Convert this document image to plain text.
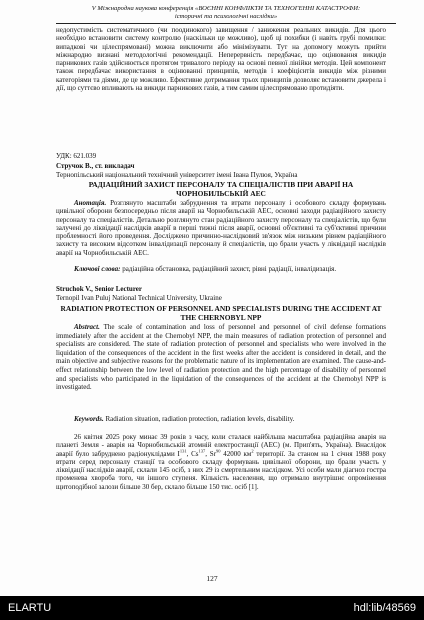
V Міжнародна наукова конференція «ВОЄННІ КОНФЛІКТИ ТА ТЕХНОГЕННІ КАТАСТРОФИ:
історичні та психологічні наслідки»
недопустимість систематичного (чи поодинокого) завищення / заниження реальних викидів. Для цього необхідно встановити систему контролю (наскільки це можливо), щоб ці похибки (і навіть грубі помилки: випадкові чи цілеспрямовані) можна виключити або мінімізувати. Тут на допомогу можуть прийти міжнародно визнані методологічні рекомендації. Неперервність передбачає, що оцінювання викидів парникових газів здійснюється протягом тривалого періоду на основі певної лінійки методів. Цей компонент також передбачає використання в оцінюванні принципів, методів і коефіцієнтів викидів між різними категоріями та діями, де це можливо. Ефективне дотримання трьох принципів дозволяє встановити джерела і дії, що суттєво впливають на викиди парникових газів, а тим самим цілеспрямовано протидіяти.
УДК: 621.039
Стручок В., ст. викладач
Тернопільський національний технічний університет імені Івана Пулюя, Україна
РАДІАЦІЙНИЙ ЗАХИСТ ПЕРСОНАЛУ ТА СПЕЦІАЛІСТІВ ПРИ АВАРІЇ НА ЧОРНОБИЛЬСЬКІЙ АЕС
Анотація. Розглянуто масштаби забруднення та втрати персоналу і особового складу формувань цивільної оборони безпосередньо після аварії на Чорнобильській АЕС, основні заходи радіаційного захисту персоналу та спеціалістів. Детально розглянуто стан радіаційного захисту персоналу та спеціалістів, що були залучені до ліквідації наслідків аварії в перші тижні після аварії, основні об'єктивні та суб'єктивні причини проблемності його проведення. Досліджено причинно-наслідковий зв'язок між низьким рівнем радіаційного захисту та високим відсотком інвалідизації персоналу й спеціалістів, що брали участь у ліквідації наслідків аварії на Чорнобильській АЕС.
Ключові слова: радіаційна обстановка, радіаційний захист, рівні радіації, інвалідизація.
Struchok V., Senior Lecturer
Ternopil Ivan Puluj National Technical University, Ukraine
RADIATION PROTECTION OF PERSONNEL AND SPECIALISTS DURING THE ACCIDENT AT THE CHERNOBYL NPP
Abstract. The scale of contamination and loss of personnel and personnel of civil defense formations immediately after the accident at the Chernobyl NPP, the main measures of radiation protection of personnel and specialists are considered. The state of radiation protection of personnel and specialists who were involved in the liquidation of the consequences of the accident in the first weeks after the accident is considered in detail, and the main objective and subjective reasons for the problematic nature of its implementation are examined. The cause-and-effect relationship between the low level of radiation protection and the high percentage of disability of personnel and specialists who participated in the liquidation of the consequences of the accident at the Chernobyl NPP is investigated.
Keywords. Radiation situation, radiation protection, radiation levels, disability.
26 квітня 2025 року минає 39 років з часу, коли сталася найбільша масштабна радіаційна аварія на планеті Земля - аварія на Чорнобильській атомній електростанції (АЕС) (м. Прип'ять, Україна). Внаслідок аварії було забруднено радіонуклідами $I^{131}$, Cs$^{137}$, Sr$^{90}$ 42000 $км^2$ території. За станом на 1 січня 1988 року втрати серед персоналу станції та особового складу формувань цивільної оборони, що брали участь у ліквідації наслідків аварії, склали 145 осіб, з них 29 із смертельним наслідком. Усі особи мали діагноз гостра променева хвороба того, чи іншого ступеня. Кількість населення, що отримало внутрішнє опромінення щитоподібної залози більше 30 бер, склало більше 150 тис. осіб [1].
127
ELARTU	hdl:lib/48569
